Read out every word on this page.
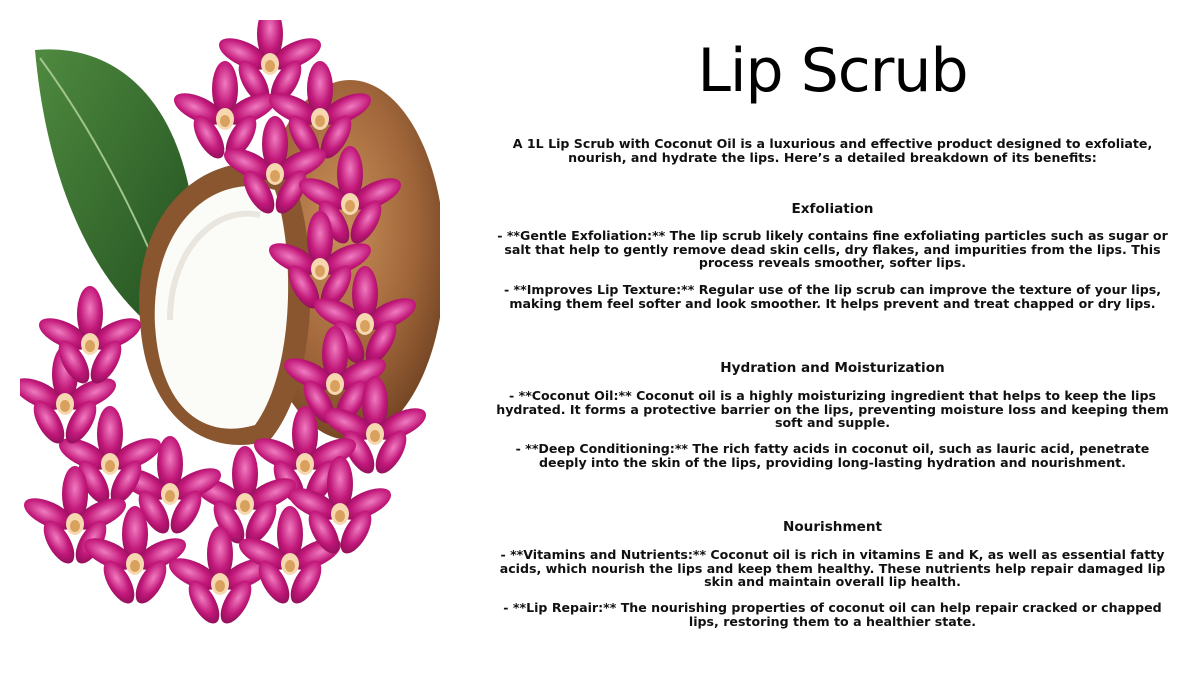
Lip Scrub

A 1L Lip Scrub with Coconut Oil is a luxurious and effective product designed to exfoliate, nourish, and hydrate the lips. Here’s a detailed breakdown of its benefits:

Exfoliation

- **Gentle Exfoliation:** The lip scrub likely contains fine exfoliating particles such as sugar or salt that help to gently remove dead skin cells, dry flakes, and impurities from the lips. This process reveals smoother, softer lips.

- **Improves Lip Texture:** Regular use of the lip scrub can improve the texture of your lips, making them feel softer and look smoother. It helps prevent and treat chapped or dry lips.

Hydration and Moisturization

- **Coconut Oil:** Coconut oil is a highly moisturizing ingredient that helps to keep the lips hydrated. It forms a protective barrier on the lips, preventing moisture loss and keeping them soft and supple.

- **Deep Conditioning:** The rich fatty acids in coconut oil, such as lauric acid, penetrate deeply into the skin of the lips, providing long-lasting hydration and nourishment.

Nourishment

- **Vitamins and Nutrients:** Coconut oil is rich in vitamins E and K, as well as essential fatty acids, which nourish the lips and keep them healthy. These nutrients help repair damaged lip skin and maintain overall lip health.

- **Lip Repair:** The nourishing properties of coconut oil can help repair cracked or chapped lips, restoring them to a healthier state.
